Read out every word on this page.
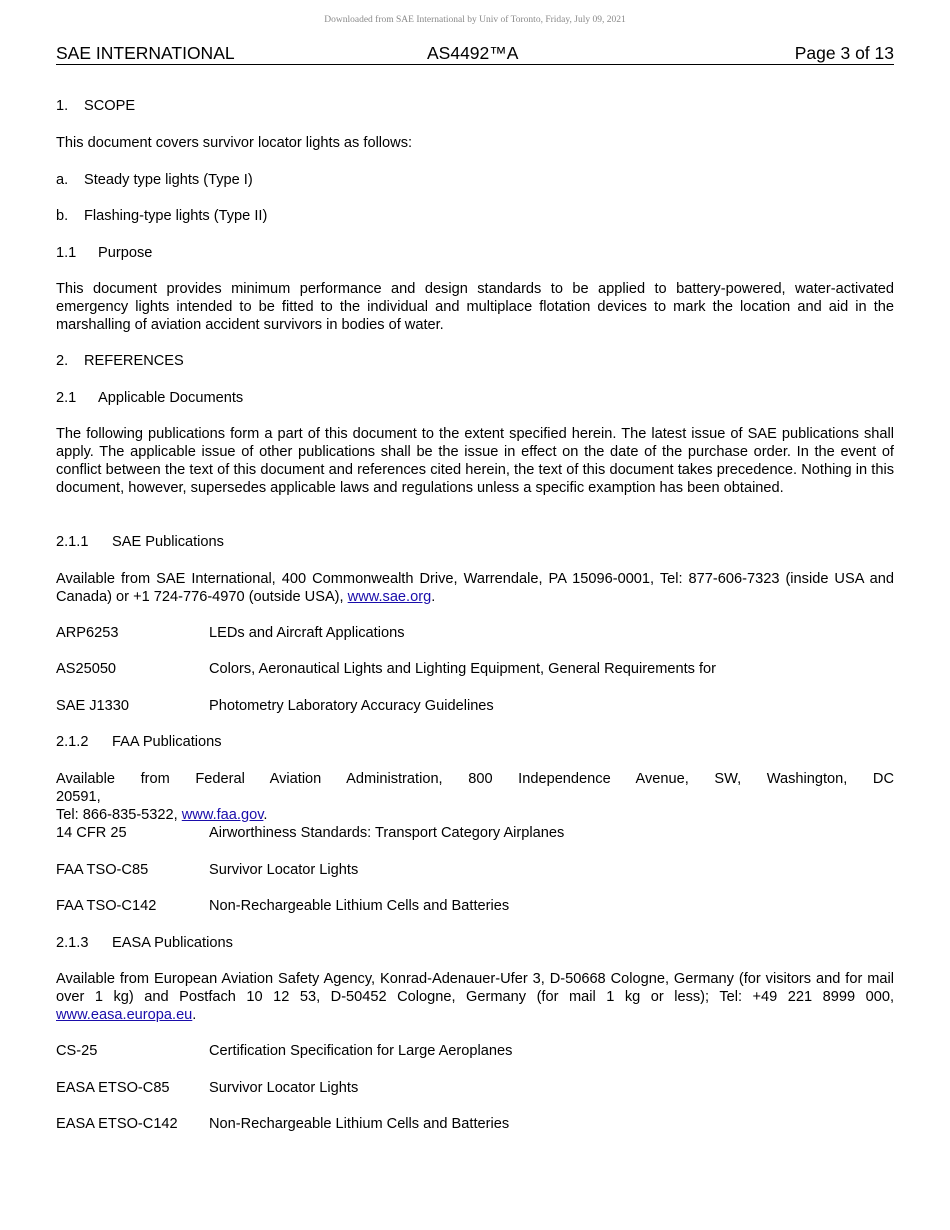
Downloaded from SAE International by Univ of Toronto, Friday, July 09, 2021
SAE INTERNATIONAL	AS4492™A	Page 3 of 13
1. SCOPE
This document covers survivor locator lights as follows:
a. Steady type lights (Type I)
b. Flashing-type lights (Type II)
1.1 Purpose
This document provides minimum performance and design standards to be applied to battery-powered, water-activated emergency lights intended to be fitted to the individual and multiplace flotation devices to mark the location and aid in the marshalling of aviation accident survivors in bodies of water.
2. REFERENCES
2.1 Applicable Documents
The following publications form a part of this document to the extent specified herein. The latest issue of SAE publications shall apply. The applicable issue of other publications shall be the issue in effect on the date of the purchase order. In the event of conflict between the text of this document and references cited herein, the text of this document takes precedence. Nothing in this document, however, supersedes applicable laws and regulations unless a specific examption has been obtained.
2.1.1 SAE Publications
Available from SAE International, 400 Commonwealth Drive, Warrendale, PA 15096-0001, Tel: 877-606-7323 (inside USA and Canada) or +1 724-776-4970 (outside USA), www.sae.org.
ARP6253	LEDs and Aircraft Applications
AS25050	Colors, Aeronautical Lights and Lighting Equipment, General Requirements for
SAE J1330	Photometry Laboratory Accuracy Guidelines
2.1.2 FAA Publications
Available from Federal Aviation Administration, 800 Independence Avenue, SW, Washington, DC 20591,
Tel: 866-835-5322, www.faa.gov.
14 CFR 25	Airworthiness Standards: Transport Category Airplanes
FAA TSO-C85	Survivor Locator Lights
FAA TSO-C142	Non-Rechargeable Lithium Cells and Batteries
2.1.3 EASA Publications
Available from European Aviation Safety Agency, Konrad-Adenauer-Ufer 3, D-50668 Cologne, Germany (for visitors and for mail over 1 kg) and Postfach 10 12 53, D-50452 Cologne, Germany (for mail 1 kg or less); Tel: +49 221 8999 000, www.easa.europa.eu.
CS-25	Certification Specification for Large Aeroplanes
EASA ETSO-C85	Survivor Locator Lights
EASA ETSO-C142 Non-Rechargeable Lithium Cells and Batteries
